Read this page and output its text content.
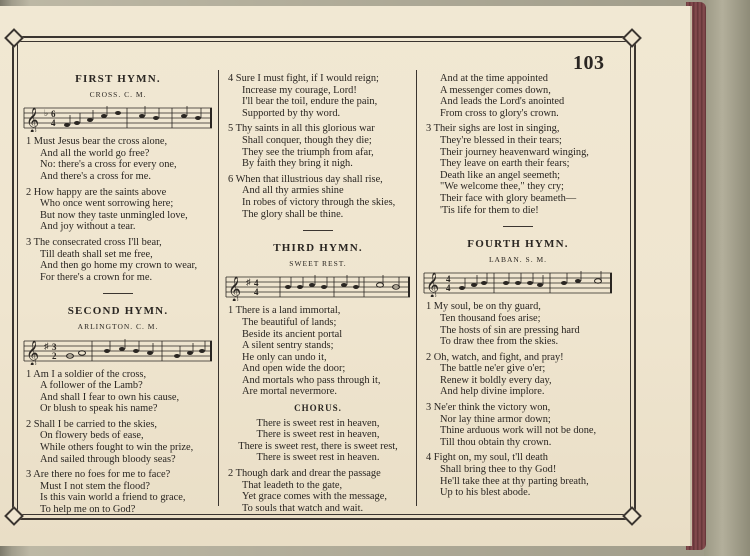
103
FIRST HYMN.
CROSS. C. M.
𝄞 ♭ 6
4
1 Must Jesus bear the cross alone,
And all the world go free?
No: there's a cross for every one,
And there's a cross for me.
2 How happy are the saints above
Who once went sorrowing here;
But now they taste unmingled love,
And joy without a tear.
3 The consecrated cross I'll bear,
Till death shall set me free,
And then go home my crown to wear,
For there's a crown for me.
SECOND HYMN.
ARLINGTON. C. M.
𝄞 ♯ 3
2
1 Am I a soldier of the cross,
A follower of the Lamb?
And shall I fear to own his cause,
Or blush to speak his name?
2 Shall I be carried to the skies,
On flowery beds of ease,
While others fought to win the prize,
And sailed through bloody seas?
3 Are there no foes for me to face?
Must I not stem the flood?
Is this vain world a friend to grace,
To help me on to God?
4 Sure I must fight, if I would reign;
Increase my courage, Lord!
I'll bear the toil, endure the pain,
Supported by thy word.
5 Thy saints in all this glorious war
Shall conquer, though they die;
They see the triumph from afar,
By faith they bring it nigh.
6 When that illustrious day shall rise,
And all thy armies shine
In robes of victory through the skies,
The glory shall be thine.
THIRD HYMN.
SWEET REST.
𝄞 ♯ 4
4
1 There is a land immortal,
The beautiful of lands;
Beside its ancient portal
A silent sentry stands;
He only can undo it,
And open wide the door;
And mortals who pass through it,
Are mortal nevermore.
CHORUS.
There is sweet rest in heaven,
There is sweet rest in heaven,
There is sweet rest, there is sweet rest,
There is sweet rest in heaven.
2 Though dark and drear the passage
That leadeth to the gate,
Yet grace comes with the message,
To souls that watch and wait.
And at the time appointed
A messenger comes down,
And leads the Lord's anointed
From cross to glory's crown.
3 Their sighs are lost in singing,
They're blessed in their tears;
Their journey heavenward winging,
They leave on earth their fears;
Death like an angel seemeth;
"We welcome thee," they cry;
Their face with glory beameth—
'Tis life for them to die!
FOURTH HYMN.
LABAN. S. M.
𝄞 4
4
1 My soul, be on thy guard,
Ten thousand foes arise;
The hosts of sin are pressing hard
To draw thee from the skies.
2 Oh, watch, and fight, and pray!
The battle ne'er give o'er;
Renew it boldly every day,
And help divine implore.
3 Ne'er think the victory won,
Nor lay thine armor down;
Thine arduous work will not be done,
Till thou obtain thy crown.
4 Fight on, my soul, t'll death
Shall bring thee to thy God!
He'll take thee at thy parting breath,
Up to his blest abode.
